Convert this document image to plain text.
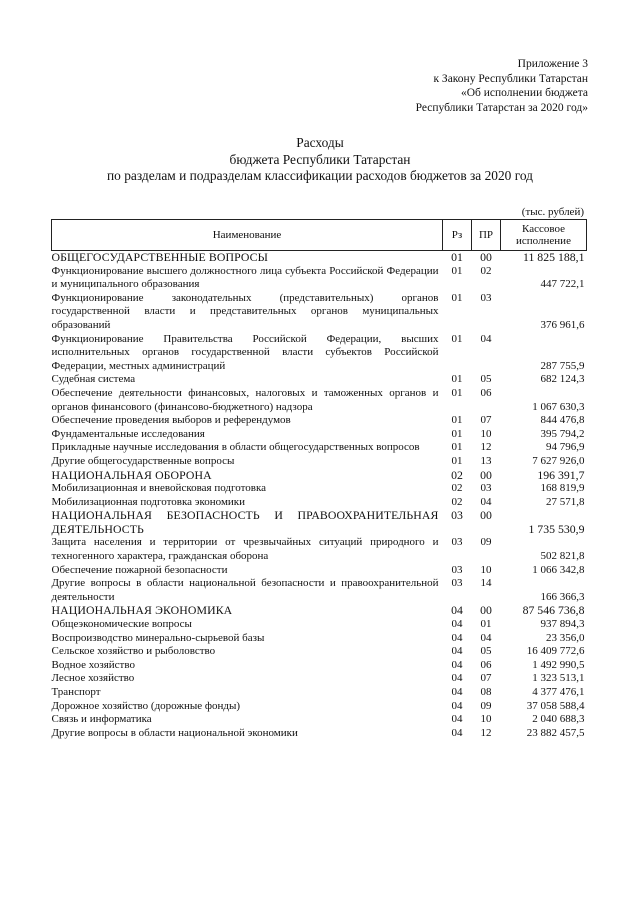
Приложение 3
к Закону Республики Татарстан
«Об исполнении бюджета
Республики Татарстан за 2020 год»
Расходы
бюджета Республики Татарстан
по разделам и подразделам классификации расходов бюджетов за 2020 год
(тыс. рублей)
Наименование	Рз	ПР	Кассовое исполнение
ОБЩЕГОСУДАРСТВЕННЫЕ ВОПРОСЫ	01	00	11 825 188,1
Функционирование высшего должностного лица субъекта Российской Федерации и муниципального образования	01	02	447 722,1
Функционирование законодательных (представительных) органов государственной власти и представительных органов муниципальных образований	01	03	376 961,6
Функционирование Правительства Российской Федерации, высших исполнительных органов государственной власти субъектов Российской Федерации, местных администраций	01	04	287 755,9
Судебная система	01	05	682 124,3
Обеспечение деятельности финансовых, налоговых и таможенных органов и органов финансового (финансово-бюджетного) надзора	01	06	1 067 630,3
Обеспечение проведения выборов и референдумов	01	07	844 476,8
Фундаментальные исследования	01	10	395 794,2
Прикладные научные исследования в области общегосударственных вопросов	01	12	94 796,9
Другие общегосударственные вопросы	01	13	7 627 926,0
НАЦИОНАЛЬНАЯ ОБОРОНА	02	00	196 391,7
Мобилизационная и вневойсковая подготовка	02	03	168 819,9
Мобилизационная подготовка экономики	02	04	27 571,8
НАЦИОНАЛЬНАЯ БЕЗОПАСНОСТЬ И ПРАВООХРАНИТЕЛЬНАЯ ДЕЯТЕЛЬНОСТЬ	03	00	1 735 530,9
Защита населения и территории от чрезвычайных ситуаций природного и техногенного характера, гражданская оборона	03	09	502 821,8
Обеспечение пожарной безопасности	03	10	1 066 342,8
Другие вопросы в области национальной безопасности и правоохранительной деятельности	03	14	166 366,3
НАЦИОНАЛЬНАЯ ЭКОНОМИКА	04	00	87 546 736,8
Общеэкономические вопросы	04	01	937 894,3
Воспроизводство минерально-сырьевой базы	04	04	23 356,0
Сельское хозяйство и рыболовство	04	05	16 409 772,6
Водное хозяйство	04	06	1 492 990,5
Лесное хозяйство	04	07	1 323 513,1
Транспорт	04	08	4 377 476,1
Дорожное хозяйство (дорожные фонды)	04	09	37 058 588,4
Связь и информатика	04	10	2 040 688,3
Другие вопросы в области национальной экономики	04	12	23 882 457,5
